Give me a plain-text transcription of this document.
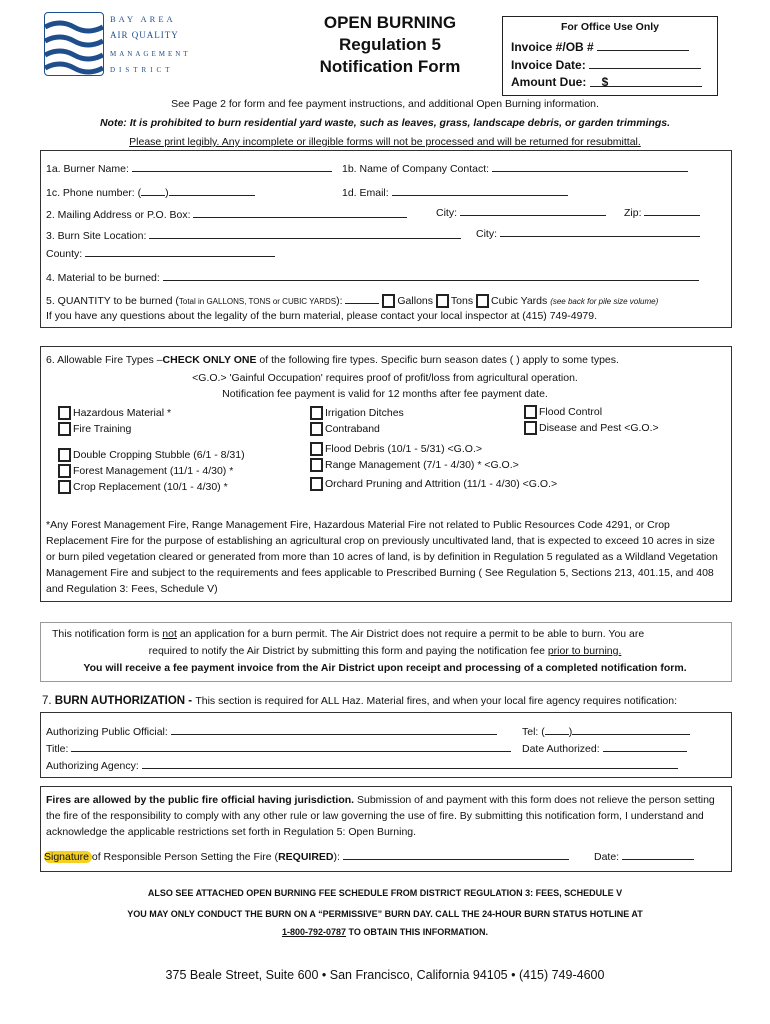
BAY AREA
AIR QUALITY
MANAGEMENT
DISTRICT
OPEN BURNING
Regulation 5
Notification Form
For Office Use Only
Invoice #/OB #
Invoice Date:
Amount Due: $
See Page 2 for form and fee payment instructions, and additional Open Burning information.
Note: It is prohibited to burn residential yard waste, such as leaves, grass, landscape debris, or garden trimmings.
Please print legibly. Any incomplete or illegible forms will not be processed and will be returned for resubmittal.
1a. Burner Name:	1b. Name of Company Contact:
1c. Phone number: ( )	1d. Email:
2. Mailing Address or P.O. Box:	City:	Zip:
3. Burn Site Location:	City:
County:
4. Material to be burned:
5. QUANTITY to be burned (Total in GALLONS, TONS or CUBIC YARDS):	Gallons Tons Cubic Yards (see back for pile size volume)
If you have any questions about the legality of the burn material, please contact your local inspector at (415) 749-4979.
6. Allowable Fire Types –CHECK ONLY ONE of the following fire types. Specific burn season dates ( ) apply to some types.
<G.O.> 'Gainful Occupation' requires proof of profit/loss from agricultural operation.
Notification fee payment is valid for 12 months after fee payment date.
Hazardous Material *
Fire Training
Double Cropping Stubble (6/1 - 8/31)
Forest Management (11/1 - 4/30) *
Crop Replacement (10/1 - 4/30) *
Irrigation Ditches
Contraband
Flood Debris (10/1 - 5/31) <G.O.>
Range Management (7/1 - 4/30) * <G.O.>
Orchard Pruning and Attrition (11/1 - 4/30) <G.O.>
Flood Control
Disease and Pest <G.O.>
*Any Forest Management Fire, Range Management Fire, Hazardous Material Fire not related to Public Resources Code 4291, or Crop Replacement Fire for the purpose of establishing an agricultural crop on previously uncultivated land, that is expected to exceed 10 acres in size or burn piled vegetation cleared or generated from more than 10 acres of land, is by definition in Regulation 5 regulated as a Wildland Vegetation Management Fire and subject to the requirements and fees applicable to Prescribed Burning ( See Regulation 5, Sections 213, 401.15, and 408 and Regulation 3: Fees, Schedule V)
This notification form is not an application for a burn permit. The Air District does not require a permit to be able to burn. You are
required to notify the Air District by submitting this form and paying the notification fee prior to burning.
You will receive a fee payment invoice from the Air District upon receipt and processing of a completed notification form.
7. BURN AUTHORIZATION - This section is required for ALL Haz. Material fires, and when your local fire agency requires notification:
Authorizing Public Official:	Tel: ( )
Title:	Date Authorized:
Authorizing Agency:
Fires are allowed by the public fire official having jurisdiction. Submission of and payment with this form does not relieve the person setting the fire of the responsibility to comply with any other rule or law governing the use of fire. By submitting this notification form, I understand and acknowledge the applicable restrictions set forth in Regulation 5: Open Burning.
Signature of Responsible Person Setting the Fire (REQUIRED):	Date:
ALSO SEE ATTACHED OPEN BURNING FEE SCHEDULE FROM DISTRICT REGULATION 3: FEES, SCHEDULE V
YOU MAY ONLY CONDUCT THE BURN ON A “PERMISSIVE” BURN DAY. CALL THE 24-HOUR BURN STATUS HOTLINE AT
1-800-792-0787 TO OBTAIN THIS INFORMATION.
375 Beale Street, Suite 600 • San Francisco, California 94105 • (415) 749-4600
